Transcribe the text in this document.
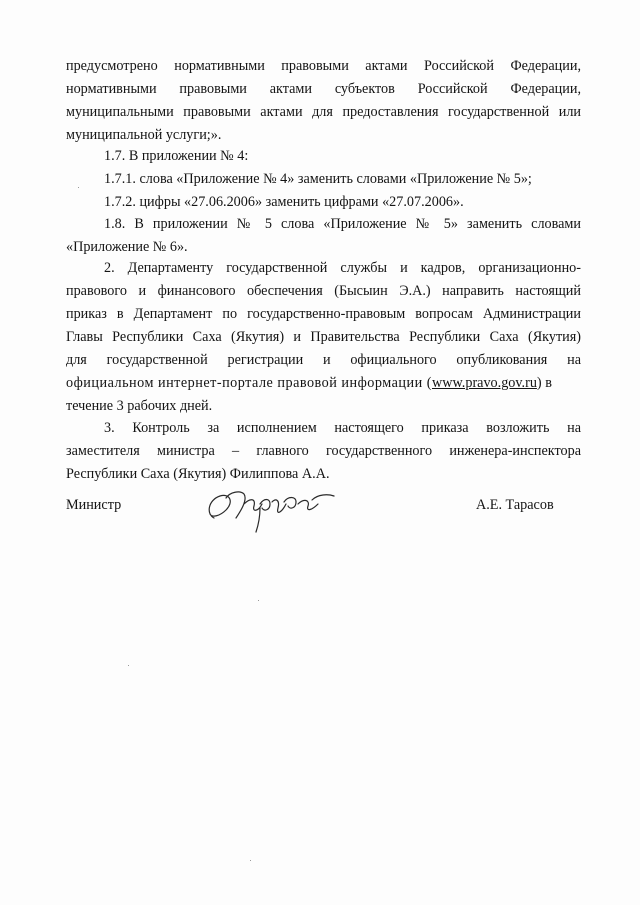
предусмотрено нормативными правовыми актами Российской Федерации,
нормативными правовыми актами субъектов Российской Федерации,
муниципальными правовыми актами для предоставления государственной или
муниципальной услуги;».
1.7. В приложении № 4:
1.7.1. слова «Приложение № 4» заменить словами «Приложение № 5»;
1.7.2. цифры «27.06.2006» заменить цифрами «27.07.2006».
1.8. В приложении № 5 слова «Приложение № 5» заменить словами
«Приложение № 6».
2. Департаменту государственной службы и кадров, организационно-
правового и финансового обеспечения (Бысыин Э.А.) направить настоящий
приказ в Департамент по государственно-правовым вопросам Администрации
Главы Республики Саха (Якутия) и Правительства Республики Саха (Якутия)
для государственной регистрации и официального опубликования на
официальном интернет-портале правовой информации (www.pravo.gov.ru) в
течение 3 рабочих дней.
3. Контроль за исполнением настоящего приказа возложить на
заместителя министра – главного государственного инженера-инспектора
Республики Саха (Якутия) Филиппова А.А.
Министр	А.Е. Тарасов
